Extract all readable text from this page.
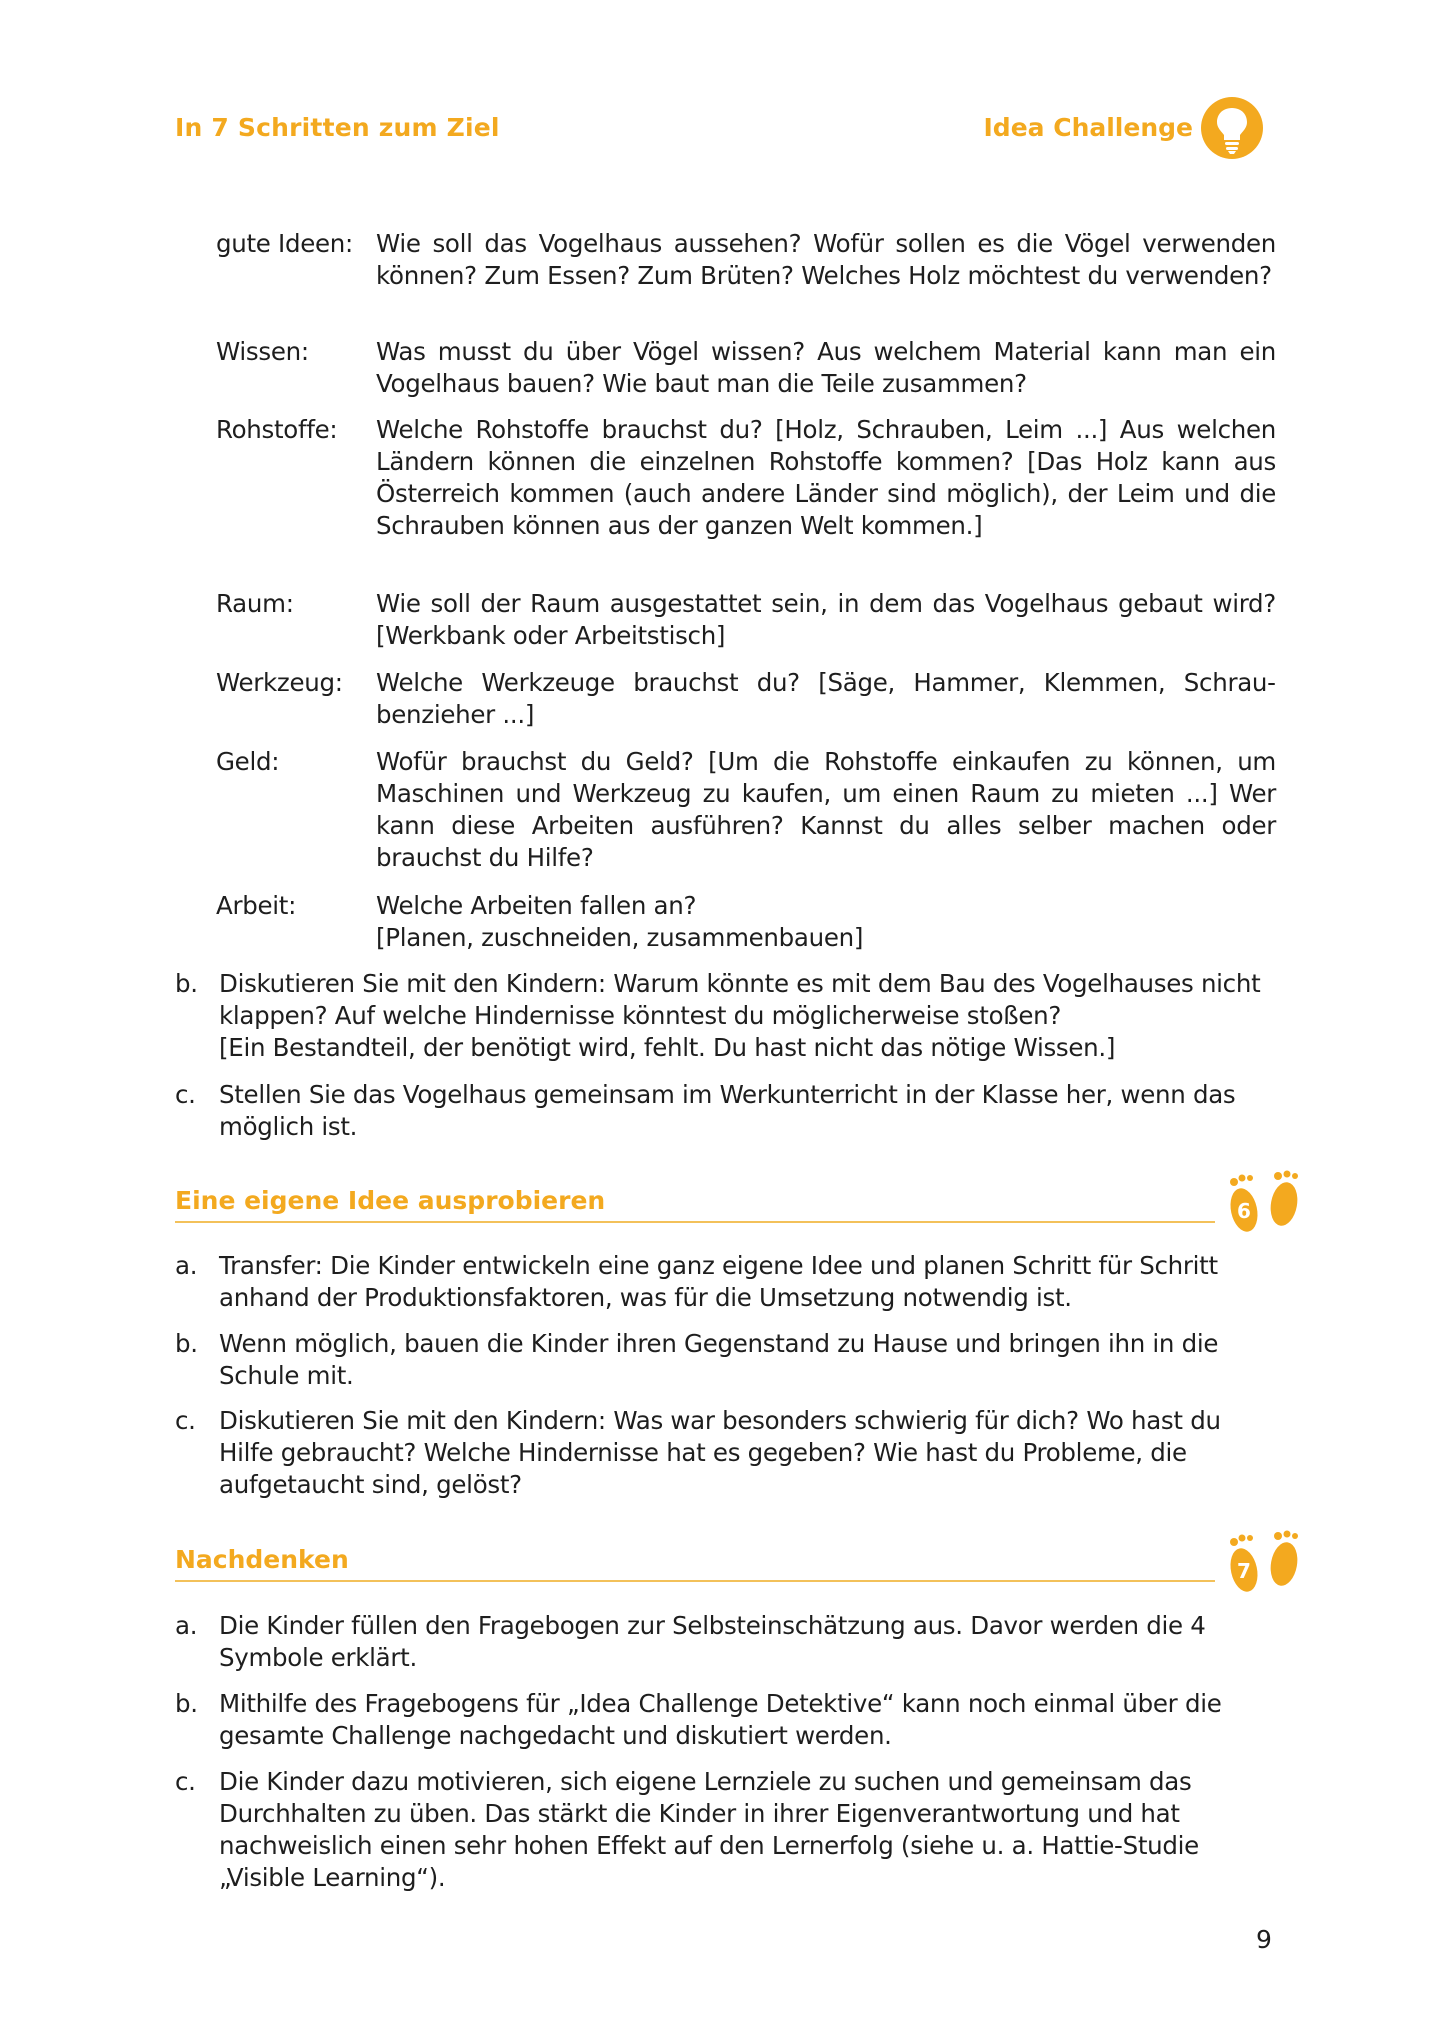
In 7 Schritten zum Ziel	Idea Challenge
gute Ideen: Wie soll das Vogelhaus aussehen? Wofür sollen es die Vögel verwenden können? Zum Essen? Zum Brüten? Welches Holz möchtest du verwenden?
Wissen:	Was musst du über Vögel wissen? Aus welchem Material kann man ein Vogelhaus bauen? Wie baut man die Teile zusammen?
Rohstoffe:	Welche Rohstoffe brauchst du? [Holz, Schrauben, Leim ...] Aus welchen Ländern können die einzelnen Rohstoffe kommen? [Das Holz kann aus Österreich kommen (auch andere Länder sind möglich), der Leim und die Schrauben können aus der ganzen Welt kommen.]
Raum:	Wie soll der Raum ausgestattet sein, in dem das Vogelhaus gebaut wird? [Werkbank oder Arbeitstisch]
Werkzeug:	Welche Werkzeuge brauchst du? [Säge, Hammer, Klemmen, Schraubenzieher ...]
Geld:	Wofür brauchst du Geld? [Um die Rohstoffe einkaufen zu können, um Maschinen und Werkzeug zu kaufen, um einen Raum zu mieten ...] Wer kann diese Arbeiten ausführen? Kannst du alles selber machen oder brauchst du Hilfe?
Arbeit:	Welche Arbeiten fallen an?
[Planen, zuschneiden, zusammenbauen]
b. Diskutieren Sie mit den Kindern: Warum könnte es mit dem Bau des Vogelhauses nicht klappen? Auf welche Hindernisse könntest du möglicherweise stoßen?
[Ein Bestandteil, der benötigt wird, fehlt. Du hast nicht das nötige Wissen.]
c. Stellen Sie das Vogelhaus gemeinsam im Werkunterricht in der Klasse her, wenn das möglich ist.
Eine eigene Idee ausprobieren	6
a. Transfer: Die Kinder entwickeln eine ganz eigene Idee und planen Schritt für Schritt anhand der Produktionsfaktoren, was für die Umsetzung notwendig ist.
b. Wenn möglich, bauen die Kinder ihren Gegenstand zu Hause und bringen ihn in die Schule mit.
c. Diskutieren Sie mit den Kindern: Was war besonders schwierig für dich? Wo hast du Hilfe gebraucht? Welche Hindernisse hat es gegeben? Wie hast du Probleme, die aufgetaucht sind, gelöst?
Nachdenken	7
a. Die Kinder füllen den Fragebogen zur Selbsteinschätzung aus. Davor werden die 4 Symbole erklärt.
b. Mithilfe des Fragebogens für „Idea Challenge Detektive“ kann noch einmal über die gesamte Challenge nachgedacht und diskutiert werden.
c. Die Kinder dazu motivieren, sich eigene Lernziele zu suchen und gemeinsam das Durchhalten zu üben. Das stärkt die Kinder in ihrer Eigenverantwortung und hat nachweislich einen sehr hohen Effekt auf den Lernerfolg (siehe u. a. Hattie-Studie „Visible Learning“).
9
